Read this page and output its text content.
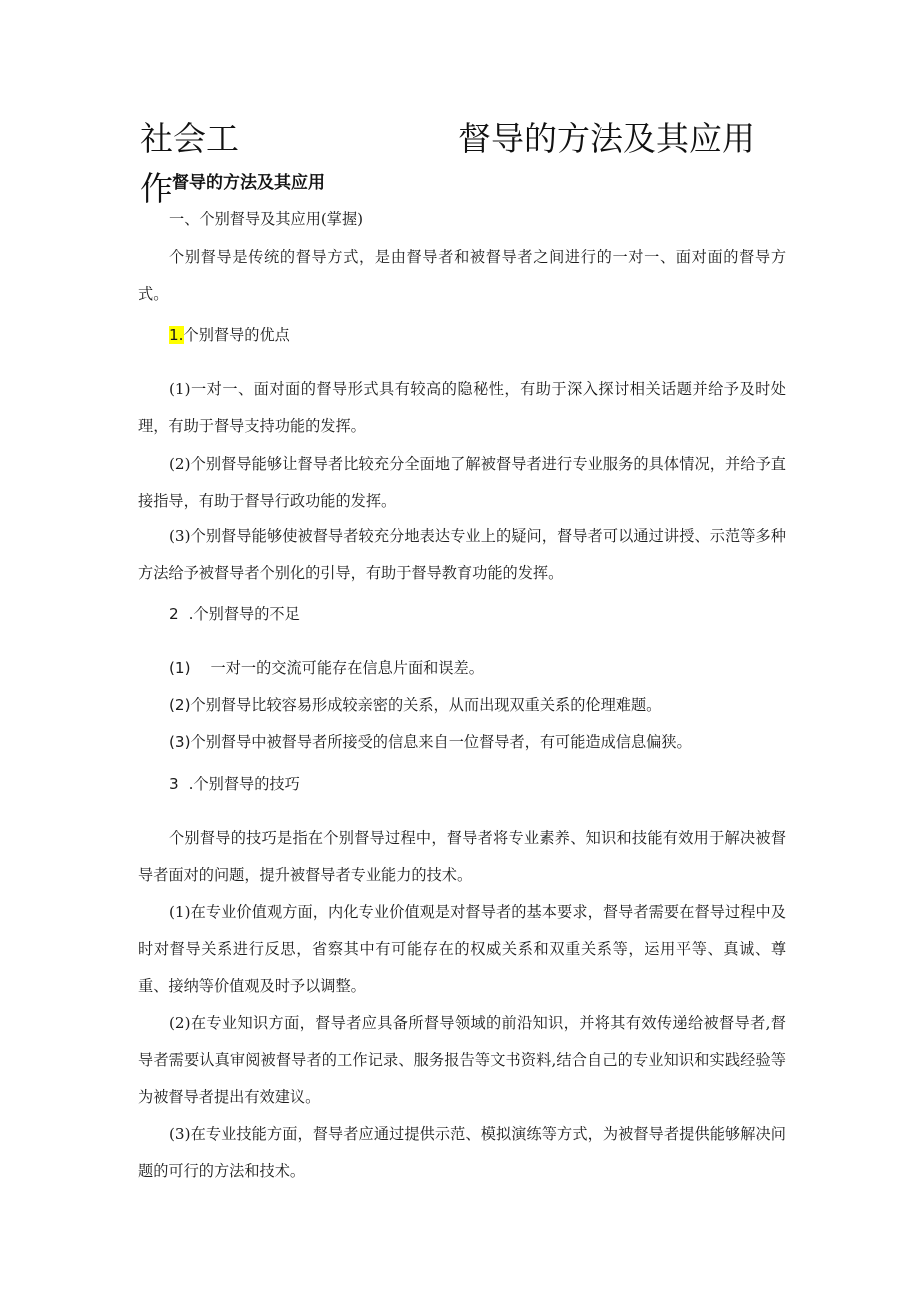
社会工作
督导的方法及其应用
督导的方法及其应用

一、个别督导及其应用(掌握)

个别督导是传统的督导方式，是由督导者和被督导者之间进行的一对一、面对面的督导方式。

1.个别督导的优点

(1)一对一、面对面的督导形式具有较高的隐秘性，有助于深入探讨相关话题并给予及时处理，有助于督导支持功能的发挥。

(2)个别督导能够让督导者比较充分全面地了解被督导者进行专业服务的具体情况，并给予直接指导，有助于督导行政功能的发挥。

(3)个别督导能够使被督导者较充分地表达专业上的疑问，督导者可以通过讲授、示范等多种方法给予被督导者个别化的引导，有助于督导教育功能的发挥。

2 .个别督导的不足

(1) 一对一的交流可能存在信息片面和误差。

(2)个别督导比较容易形成较亲密的关系，从而出现双重关系的伦理难题。

(3)个别督导中被督导者所接受的信息来自一位督导者，有可能造成信息偏狭。

3 .个别督导的技巧

个别督导的技巧是指在个别督导过程中，督导者将专业素养、知识和技能有效用于解决被督导者面对的问题，提升被督导者专业能力的技术。

(1)在专业价值观方面，内化专业价值观是对督导者的基本要求，督导者需要在督导过程中及时对督导关系进行反思，省察其中有可能存在的权威关系和双重关系等，运用平等、真诚、尊重、接纳等价值观及时予以调整。

(2)在专业知识方面，督导者应具备所督导领域的前沿知识，并将其有效传递给被督导者,督导者需要认真审阅被督导者的工作记录、服务报告等文书资料,结合自己的专业知识和实践经验等为被督导者提出有效建议。

(3)在专业技能方面，督导者应通过提供示范、模拟演练等方式，为被督导者提供能够解决问题的可行的方法和技术。
